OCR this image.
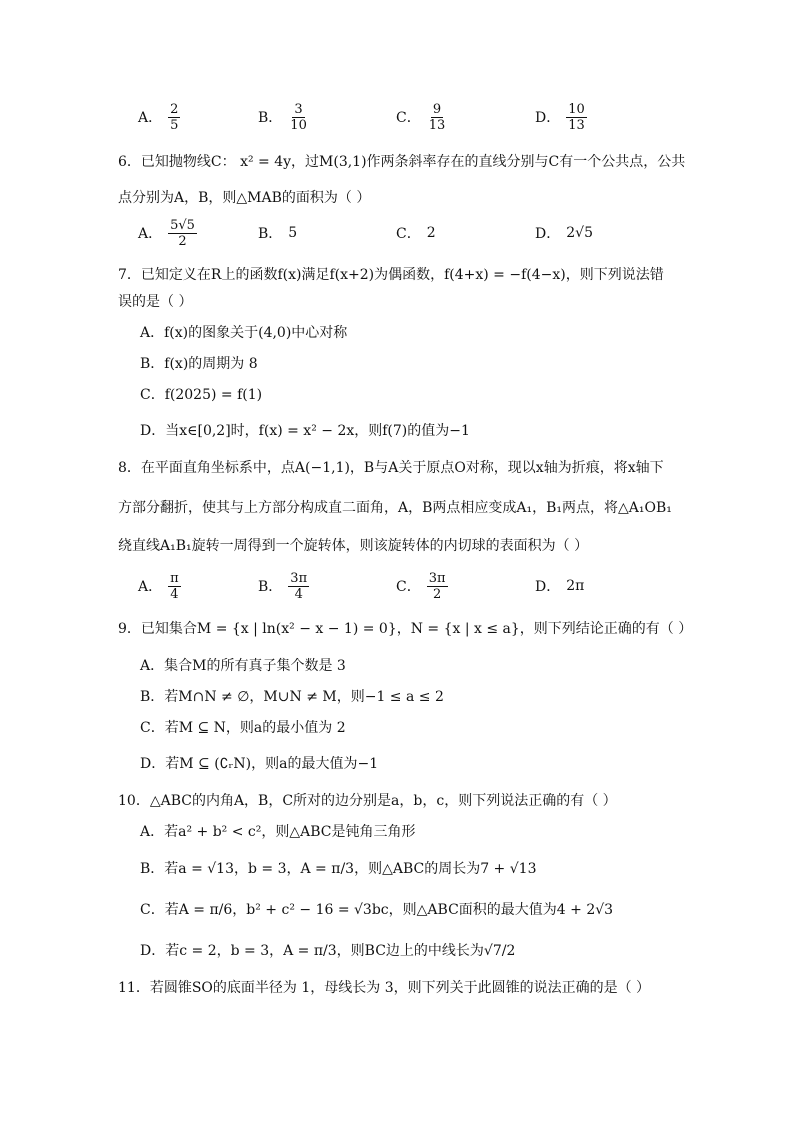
A． $\frac{2}{5}$	B． $\frac{3}{10}$	C． $\frac{9}{13}$	D． $\frac{10}{13}$
6．已知抛物线C： x² = 4y，过M(3,1)作两条斜率存在的直线分别与C有一个公共点，公共
点分别为A，B，则△MAB的面积为（ ）
A． $\frac{5√5}{2}$	B． 5	C． 2	D． 2√5
7．已知定义在R上的函数f(x)满足f(x+2)为偶函数，f(4+x) = −f(4−x)，则下列说法错
误的是（ ）
A．f(x)的图象关于(4,0)中心对称
B．f(x)的周期为 8
C．f(2025) = f(1)
D．当x∈[0,2]时，f(x) = x² − 2x，则f(7)的值为−1
8．在平面直角坐标系中，点A(−1,1)，B与A关于原点O对称，现以x轴为折痕，将x轴下
方部分翻折，使其与上方部分构成直二面角，A，B两点相应变成A₁，B₁两点，将△A₁OB₁
绕直线A₁B₁旋转一周得到一个旋转体，则该旋转体的内切球的表面积为（ ）
A． $\frac{\pi}{4}$	B． $\frac{3\pi}{4}$	C． $\frac{3\pi}{2}$	D． 2π
9．已知集合M = {x | ln(x² − x − 1) = 0}，N = {x | x ≤ a}，则下列结论正确的有（ ）
A．集合M的所有真子集个数是 3
B．若M∩N ≠ ∅，M∪N ≠ M，则−1 ≤ a ≤ 2
C．若M ⊆ N，则a的最小值为 2
D．若M ⊆ (∁ᵣN)，则a的最大值为−1
10．△ABC的内角A，B，C所对的边分别是a，b，c，则下列说法正确的有（ ）
A．若a² + b² < c²，则△ABC是钝角三角形
B．若a = √13，b = 3，A = π/3，则△ABC的周长为7 + √13
C．若A = π/6，b² + c² − 16 = √3bc，则△ABC面积的最大值为4 + 2√3
D．若c = 2，b = 3，A = π/3，则BC边上的中线长为√7/2
11．若圆锥SO的底面半径为 1，母线长为 3，则下列关于此圆锥的说法正确的是（ ）
